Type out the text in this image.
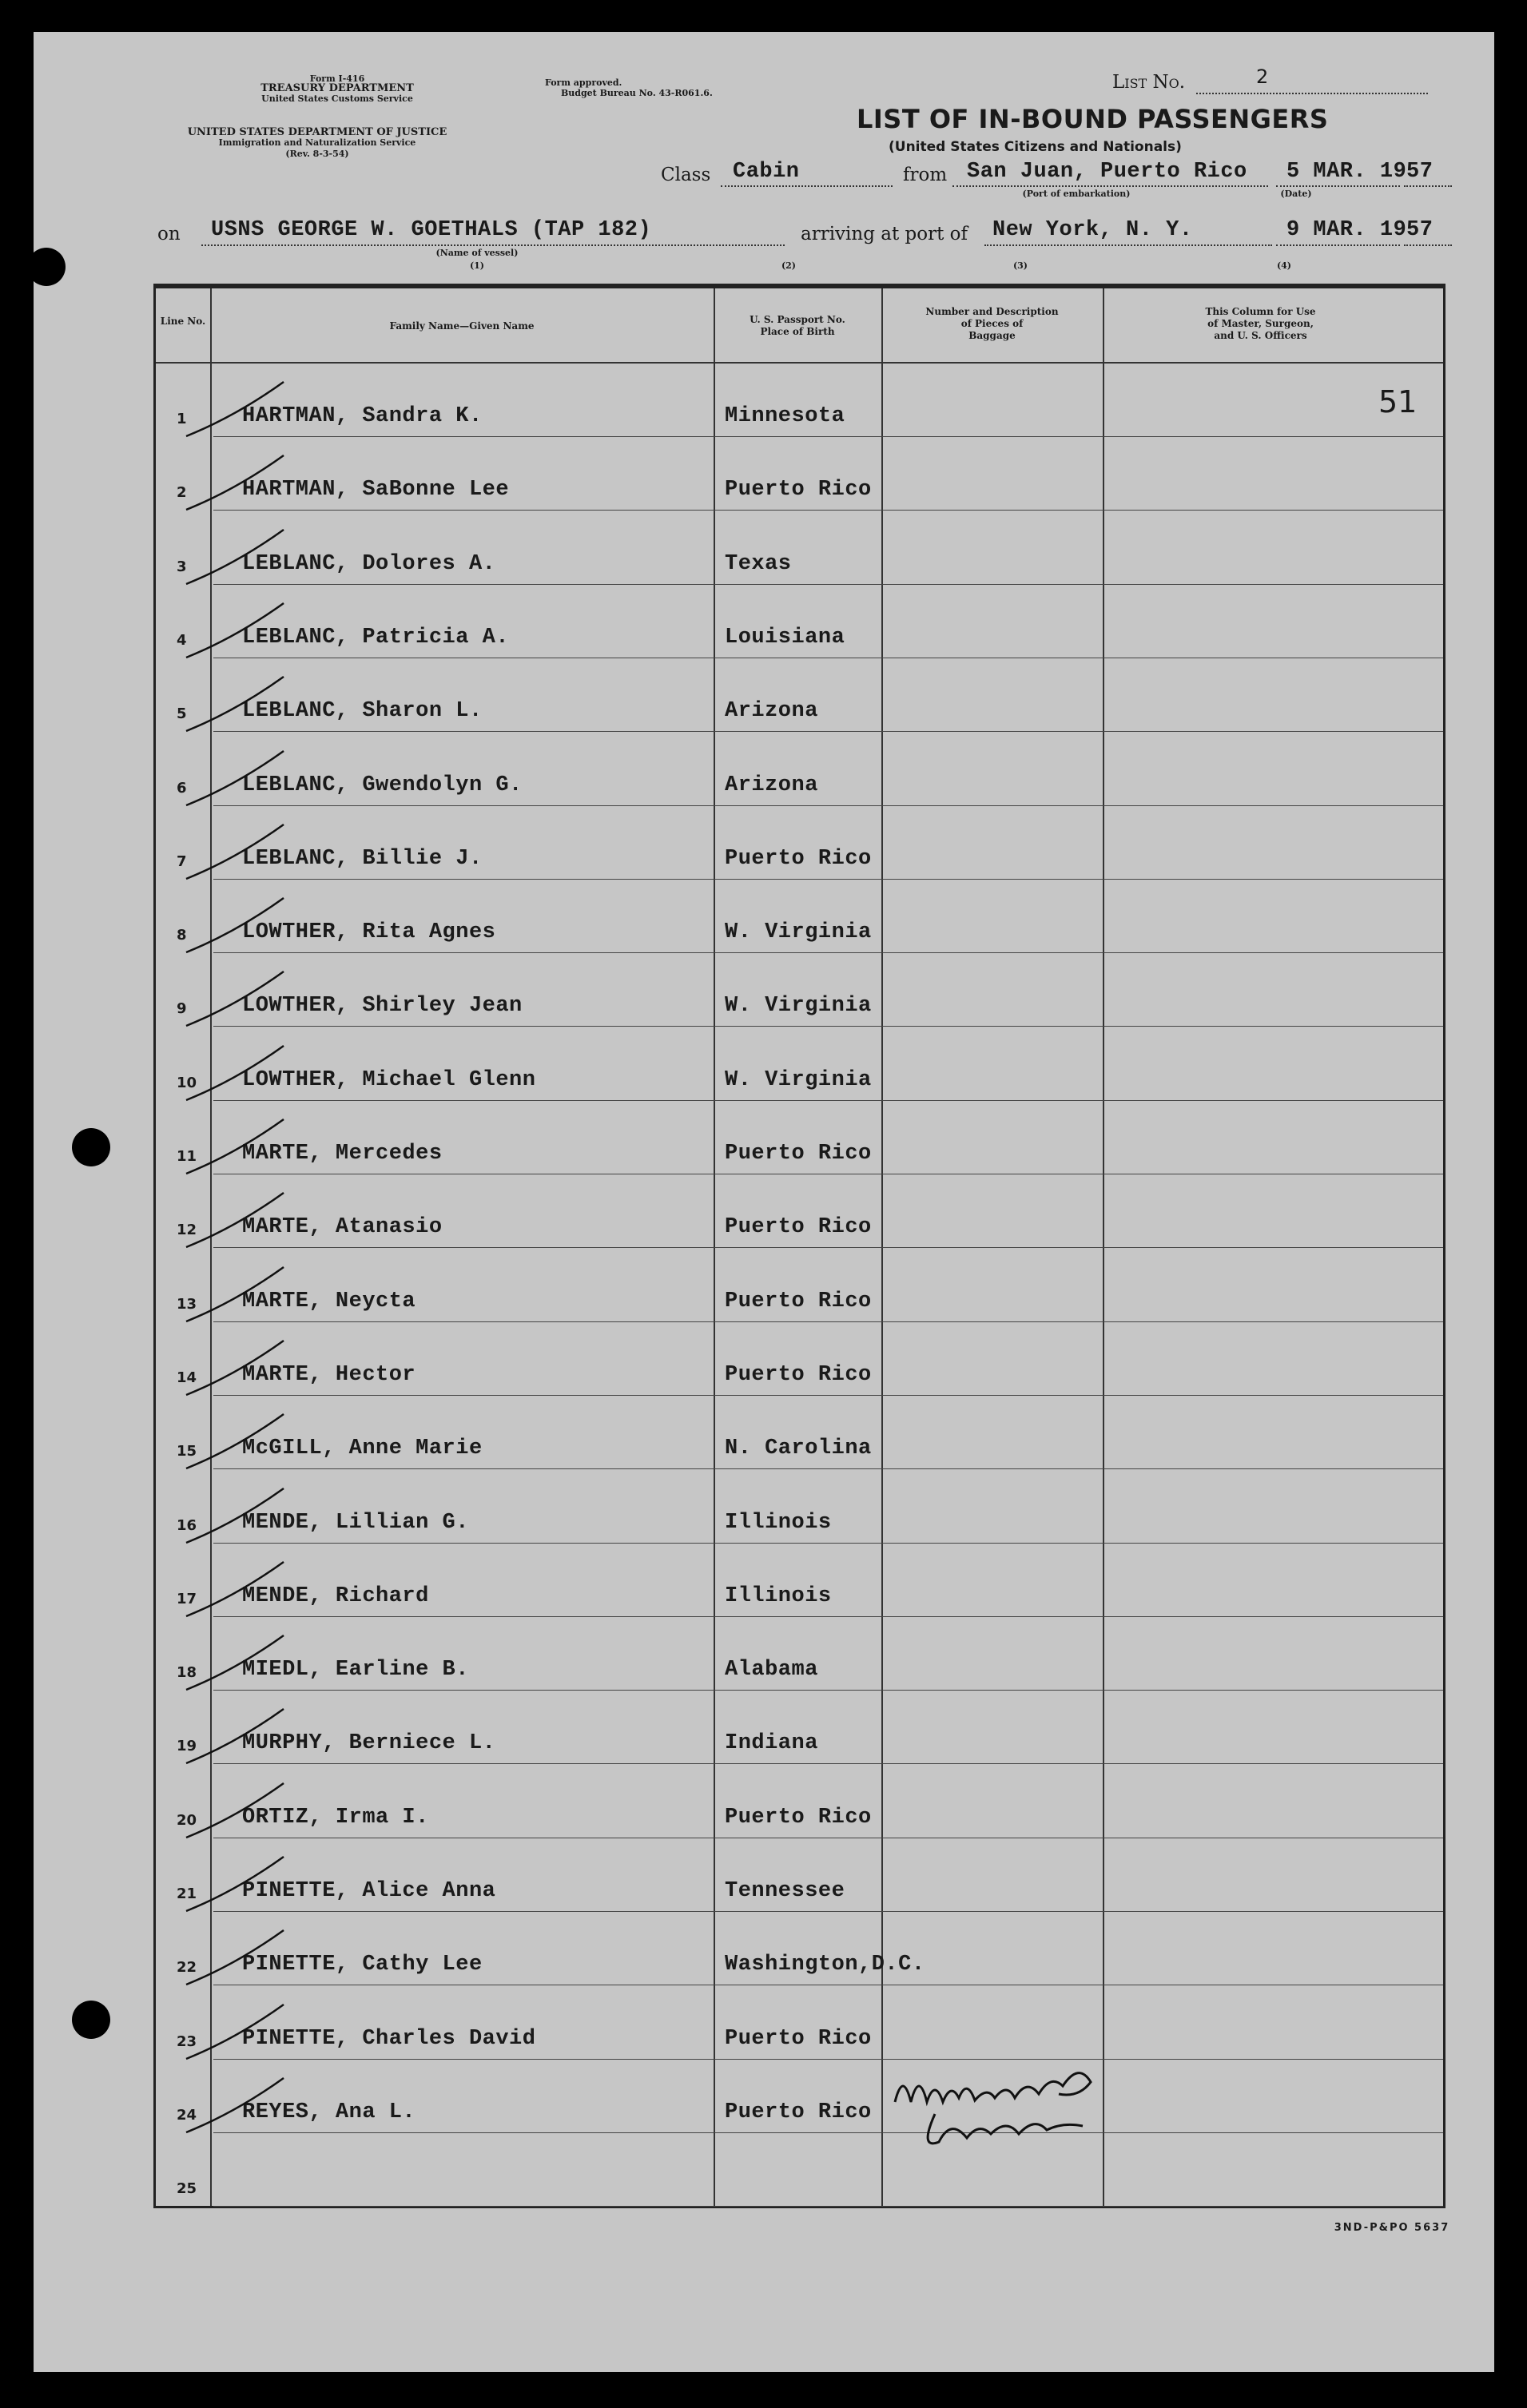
Form I-416
TREASURY DEPARTMENT
United States Customs Service
UNITED STATES DEPARTMENT OF JUSTICE
Immigration and Naturalization Service
(Rev. 8-3-54)
Form approved.
Budget Bureau No. 43-R061.6.
List No.	2
LIST OF IN-BOUND PASSENGERS
(United States Citizens and Nationals)
Class Cabin	from San Juan, Puerto Rico
(Port of embarkation)
5 MAR. 19 57
(Date)
on USNS GEORGE W. GOETHALS (TAP 182)
(Name of vessel)
(1)
arriving at port of New York, N. Y.	9 MAR. 19 57
(2)	(3)	(4)
Line No.	Family Name—Given Name
U. S. Passport No.
Place of Birth
Number and Description
of Pieces of
Baggage
This Column for Use
of Master, Surgeon,
and U. S. Officers
1	HARTMAN, Sandra K.	Minnesota
2	HARTMAN, SaBonne Lee	Puerto Rico
3	LEBLANC, Dolores A.	Texas
4	LEBLANC, Patricia A.	Louisiana
5	LEBLANC, Sharon L.	Arizona
6	LEBLANC, Gwendolyn G.	Arizona
7	LEBLANC, Billie J.	Puerto Rico
8	LOWTHER, Rita Agnes	W. Virginia
9	LOWTHER, Shirley Jean	W. Virginia
10 LOWTHER, Michael Glenn	W. Virginia
11 MARTE, Mercedes	Puerto Rico
12 MARTE, Atanasio	Puerto Rico
13 MARTE, Neycta	Puerto Rico
14 MARTE, Hector	Puerto Rico
15 McGILL, Anne Marie	N. Carolina
16 MENDE, Lillian G.	Illinois
17 MENDE, Richard	Illinois
18 MIEDL, Earline B.	Alabama
19 MURPHY, Berniece L.	Indiana
20 ORTIZ, Irma I.	Puerto Rico
21 PINETTE, Alice Anna	Tennessee
22 PINETTE, Cathy Lee	Washington,D.C.
23 PINETTE, Charles David	Puerto Rico
24 REYES, Ana L.	Puerto Rico
25
51
Munson Insp
3ND-P&PO 5637
